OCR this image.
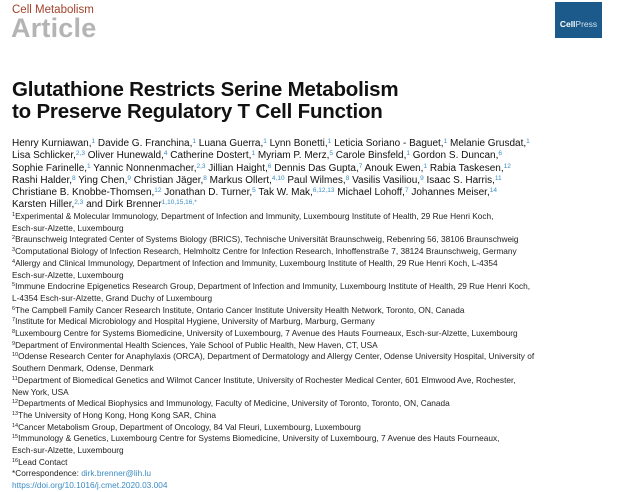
Cell Metabolism
Article	Cell Press
Glutathione Restricts Serine Metabolism
to Preserve Regulatory T Cell Function
Henry Kurniawan,$^1$ Davide G. Franchina,$^1$ Luana Guerra,$^1$ Lynn Bonetti,$^1$ Leticia Soriano - Baguet,$^1$ Melanie Grusdat,$^1$
Lisa Schlicker,$^{2,3}$ Oliver Hunewald,$^4$ Catherine Dostert,$^1$ Myriam P. Merz,$^5$ Carole Binsfeld,$^1$ Gordon S. Duncan,$^6$
Sophie Farinelle,$^1$ Yannic Nonnenmacher,$^{2,3}$ Jillian Haight,$^6$ Dennis Das Gupta,$^7$ Anouk Ewen,$^1$ Rabia Taskesen,$^{12}$
Rashi Halder,$^8$ Ying Chen,$^9$ Christian Jäger,$^8$ Markus Ollert,$^{4,10}$ Paul Wilmes,$^8$ Vasilis Vasiliou,$^9$ Isaac S. Harris,$^{11}$
Christiane B. Knobbe-Thomsen,$^{12}$ Jonathan D. Turner,$^5$ Tak W. Mak,$^{6,12,13}$ Michael Lohoff,$^7$ Johannes Meiser,$^{14}$
Karsten Hiller,$^{2,3}$ and Dirk Brenner$^{1,10,15,16,*}$
$^1$Experimental & Molecular Immunology, Department of Infection and Immunity, Luxembourg Institute of Health, 29 Rue Henri Koch,
Esch-sur-Alzette, Luxembourg
$^2$Braunschweig Integrated Center of Systems Biology (BRICS), Technische Universität Braunschweig, Rebenring 56, 38106 Braunschweig
$^3$Computational Biology of Infection Research, Helmholtz Centre for Infection Research, Inhoffenstraße 7, 38124 Braunschweig, Germany
$^4$Allergy and Clinical Immunology, Department of Infection and Immunity, Luxembourg Institute of Health, 29 Rue Henri Koch, L-4354
Esch-sur-Alzette, Luxembourg
$^5$Immune Endocrine Epigenetics Research Group, Department of Infection and Immunity, Luxembourg Institute of Health, 29 Rue Henri Koch,
L-4354 Esch-sur-Alzette, Grand Duchy of Luxembourg
$^6$The Campbell Family Cancer Research Institute, Ontario Cancer Institute University Health Network, Toronto, ON, Canada
$^7$Institute for Medical Microbiology and Hospital Hygiene, University of Marburg, Marburg, Germany
$^8$Luxembourg Centre for Systems Biomedicine, University of Luxembourg, 7 Avenue des Hauts Fourneaux, Esch-sur-Alzette, Luxembourg
$^9$Department of Environmental Health Sciences, Yale School of Public Health, New Haven, CT, USA
$^{10}$Odense Research Center for Anaphylaxis (ORCA), Department of Dermatology and Allergy Center, Odense University Hospital, University of
Southern Denmark, Odense, Denmark
$^{11}$Department of Biomedical Genetics and Wilmot Cancer Institute, University of Rochester Medical Center, 601 Elmwood Ave, Rochester,
New York, USA
$^{12}$Departments of Medical Biophysics and Immunology, Faculty of Medicine, University of Toronto, Toronto, ON, Canada
$^{13}$The University of Hong Kong, Hong Kong SAR, China
$^{14}$Cancer Metabolism Group, Department of Oncology, 84 Val Fleuri, Luxembourg, Luxembourg
$^{15}$Immunology & Genetics, Luxembourg Centre for Systems Biomedicine, University of Luxembourg, 7 Avenue des Hauts Fourneaux,
Esch-sur-Alzette, Luxembourg
$^{16}$Lead Contact
*Correspondence: dirk.brenner@lih.lu
https://doi.org/10.1016/j.cmet.2020.03.004
